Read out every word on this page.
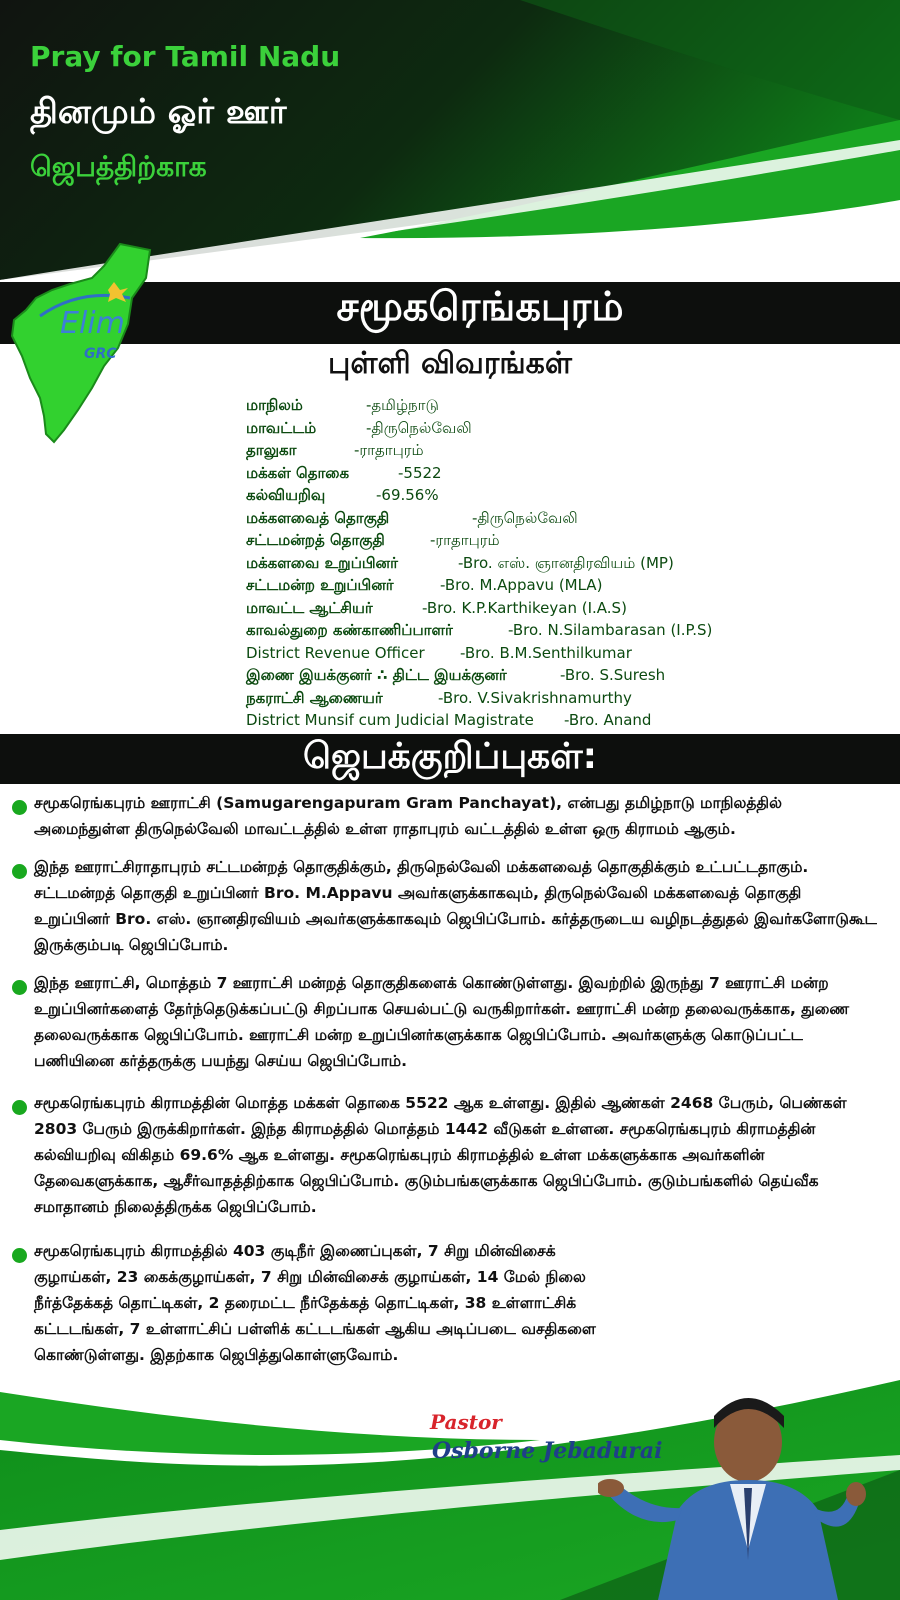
Pray for Tamil Nadu
தினமும் ஓர் ஊர்
ஜெபத்திற்காக
சமூகரெங்கபுரம்
Elim
GRC	புள்ளி விவரங்கள்
மாநிலம்	-தமிழ்நாடு
மாவட்டம்	-திருநெல்வேலி
தாலுகா	-ராதாபுரம்
மக்கள் தொகை	-5522
கல்வியறிவு	-69.56%
மக்களவைத் தொகுதி	-திருநெல்வேலி
சட்டமன்றத் தொகுதி	-ராதாபுரம்
மக்களவை உறுப்பினர்	-Bro. எஸ். ஞானதிரவியம் (MP)
சட்டமன்ற உறுப்பினர்	-Bro. M.Appavu (MLA)
மாவட்ட ஆட்சியர்	-Bro. K.P.Karthikeyan (I.A.S)
காவல்துறை கண்காணிப்பாளர்	-Bro. N.Silambarasan (I.P.S)
District Revenue Officer -Bro. B.M.Senthilkumar
இணை இயக்குனர் ∴ திட்ட இயக்குனர்	-Bro. S.Suresh
நகராட்சி ஆணையர்	-Bro. V.Sivakrishnamurthy
District Munsif cum Judicial Magistrate -Bro. Anand
ஜெபக்குறிப்புகள்:
சமூகரெங்கபுரம் ஊராட்சி (Samugarengapuram Gram Panchayat), என்பது தமிழ்நாடு மாநிலத்தில் அமைந்துள்ள திருநெல்வேலி மாவட்டத்தில் உள்ள ராதாபுரம் வட்டத்தில் உள்ள ஒரு கிராமம் ஆகும்.
இந்த ஊராட்சிராதாபுரம் சட்டமன்றத் தொகுதிக்கும், திருநெல்வேலி மக்களவைத் தொகுதிக்கும் உட்பட்டதாகும். சட்டமன்றத் தொகுதி உறுப்பினர் Bro. M.Appavu அவர்களுக்காகவும், திருநெல்வேலி மக்களவைத் தொகுதி உறுப்பினர் Bro. எஸ். ஞானதிரவியம் அவர்களுக்காகவும் ஜெபிப்போம். கர்த்தருடைய வழிநடத்துதல் இவர்களோடுகூட இருக்கும்படி ஜெபிப்போம்.
இந்த ஊராட்சி, மொத்தம் 7 ஊராட்சி மன்றத் தொகுதிகளைக் கொண்டுள்ளது. இவற்றில் இருந்து 7 ஊராட்சி மன்ற உறுப்பினர்களைத் தேர்ந்தெடுக்கப்பட்டு சிறப்பாக செயல்பட்டு வருகிறார்கள். ஊராட்சி மன்ற தலைவருக்காக, துணை தலைவருக்காக ஜெபிப்போம். ஊராட்சி மன்ற உறுப்பினர்களுக்காக ஜெபிப்போம். அவர்களுக்கு கொடுப்பட்ட பணியினை கர்த்தருக்கு பயந்து செய்ய ஜெபிப்போம்.
சமூகரெங்கபுரம் கிராமத்தின் மொத்த மக்கள் தொகை 5522 ஆக உள்ளது. இதில் ஆண்கள் 2468 பேரும், பெண்கள் 2803 பேரும் இருக்கிறார்கள். இந்த கிராமத்தில் மொத்தம் 1442 வீடுகள் உள்ளன. சமூகரெங்கபுரம் கிராமத்தின் கல்வியறிவு விகிதம் 69.6% ஆக உள்ளது. சமூகரெங்கபுரம் கிராமத்தில் உள்ள மக்களுக்காக அவர்களின் தேவைகளுக்காக, ஆசீர்வாதத்திற்காக ஜெபிப்போம். குடும்பங்களுக்காக ஜெபிப்போம். குடும்பங்களில் தெய்வீக சமாதானம் நிலைத்திருக்க ஜெபிப்போம்.
சமூகரெங்கபுரம் கிராமத்தில் 403 குடிநீர் இணைப்புகள், 7 சிறு மின்விசைக் குழாய்கள், 23 கைக்குழாய்கள், 7 சிறு மின்விசைக் குழாய்கள், 14 மேல் நிலை நீர்த்தேக்கத் தொட்டிகள், 2 தரைமட்ட நீர்தேக்கத் தொட்டிகள், 38 உள்ளாட்சிக் கட்டடங்கள், 7 உள்ளாட்சிப் பள்ளிக் கட்டடங்கள் ஆகிய அடிப்படை வசதிகளை கொண்டுள்ளது. இதற்காக ஜெபித்துகொள்ளுவோம்.
Pastor
Osborne Jebadurai
